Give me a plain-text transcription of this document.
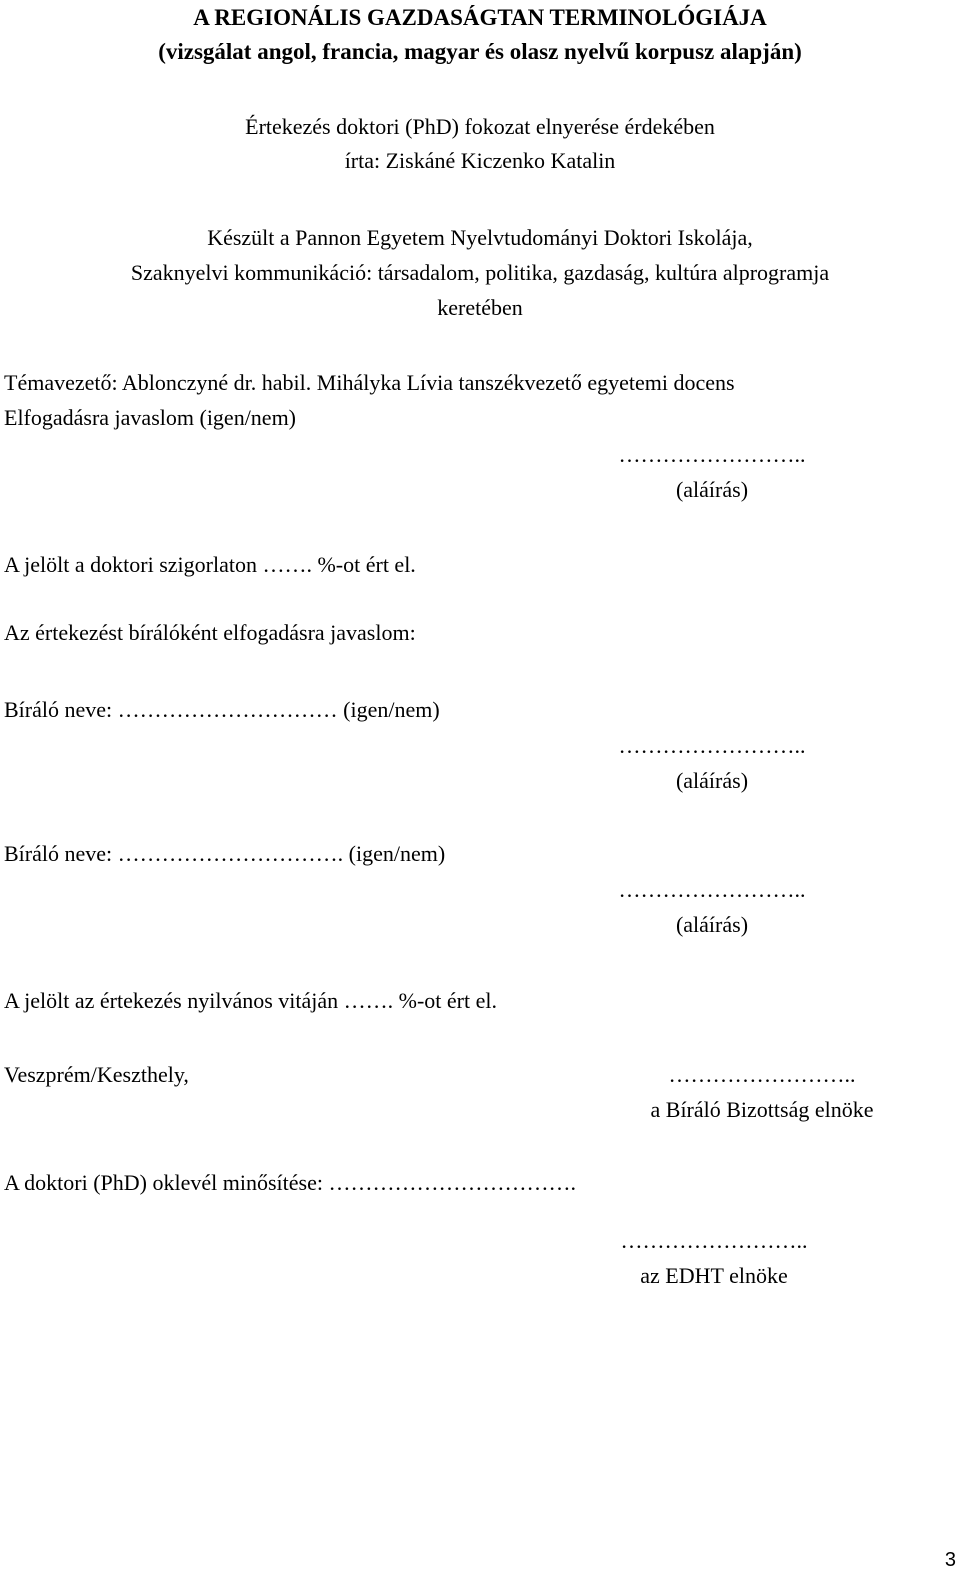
A REGIONÁLIS GAZDASÁGTAN TERMINOLÓGIÁJA
(vizsgálat angol, francia, magyar és olasz nyelvű korpusz alapján)
Értekezés doktori (PhD) fokozat elnyerése érdekében
írta: Ziskáné Kiczenko Katalin
Készült a Pannon Egyetem Nyelvtudományi Doktori Iskolája,
Szaknyelvi kommunikáció: társadalom, politika, gazdaság, kultúra alprogramja
keretében
Témavezető: Ablonczyné dr. habil. Mihályka Lívia tanszékvezető egyetemi docens
Elfogadásra javaslom (igen/nem)
……………………..
(aláírás)
A jelölt a doktori szigorlaton ……. %-ot ért el.
Az értekezést bírálóként elfogadásra javaslom:
Bíráló neve: ………………………… (igen/nem)
……………………..
(aláírás)
Bíráló neve: …………………………. (igen/nem)
……………………..
(aláírás)
A jelölt az értekezés nyilvános vitáján ……. %-ot ért el.
Veszprém/Keszthely,	……………………..
a Bíráló Bizottság elnöke
A doktori (PhD) oklevél minősítése: …………………………….
……………………..
az EDHT elnöke
3
